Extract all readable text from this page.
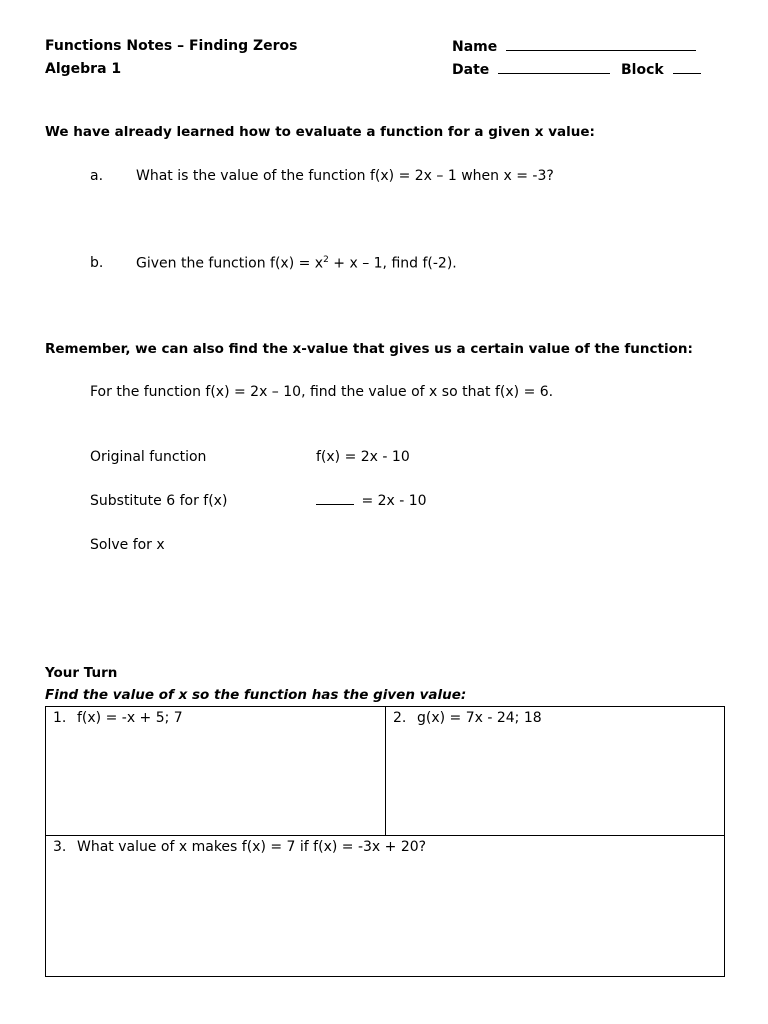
Functions Notes – Finding Zeros
Algebra 1
Name
Date	Block
We have already learned how to evaluate a function for a given x value:
a. What is the value of the function f(x) = 2x – 1 when x = -3?
b. Given the function $f(x) = x^2 + x - 1$, find f(-2).
Remember, we can also find the x-value that gives us a certain value of the function:
For the function f(x) = 2x – 10, find the value of x so that f(x) = 6.
Original function	f(x) = 2x - 10
Substitute 6 for f(x)	= 2x - 10
Solve for x
Your Turn
Find the value of x so the function has the given value:
1. f(x) = -x + 5; 7	2. g(x) = 7x - 24; 18
3. What value of x makes f(x) = 7 if f(x) = -3x + 20?
